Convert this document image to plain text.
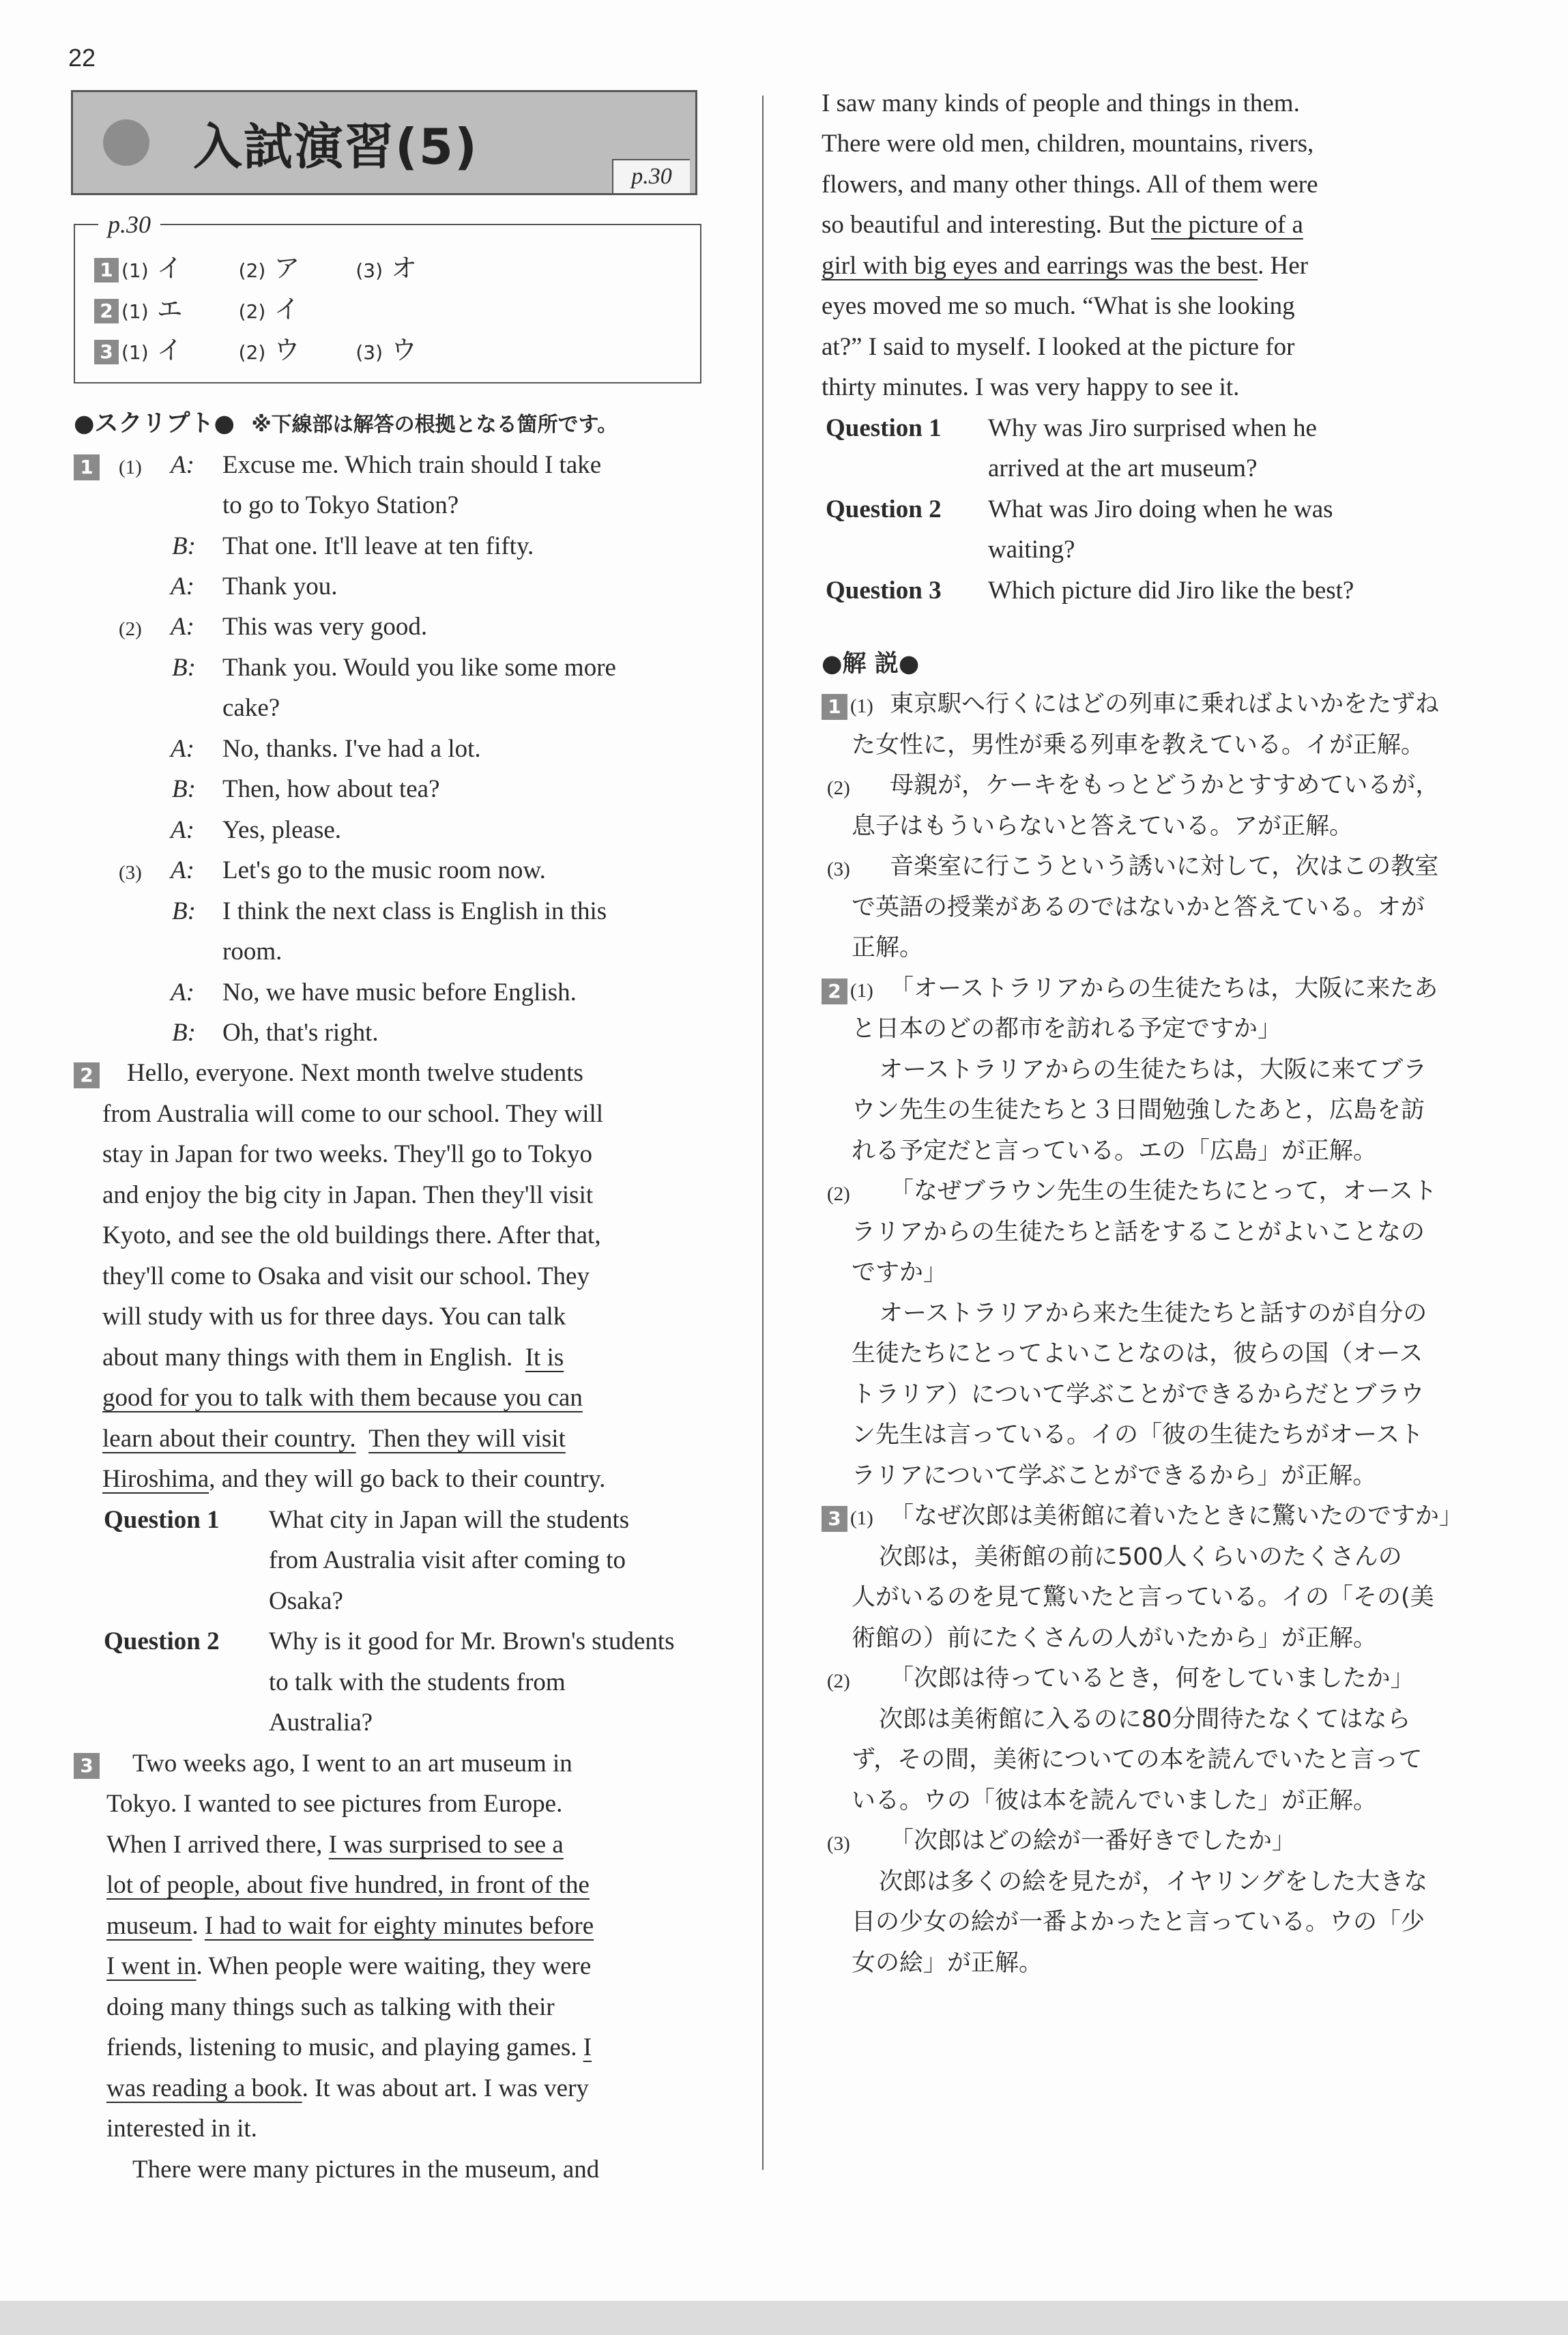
22
入試演習(5)
p.30
p.30
1 (1) イ	(2) ア	(3) オ
2 (1) エ	(2) イ
3 (1) イ	(2) ウ	(3) ウ
●スクリプト● ※下線部は解答の根拠となる箇所です。
1	(1) A: Excuse me. Which train should I take
to go to Tokyo Station?
B: That one. It'll leave at ten fifty.
A: Thank you.
(2) A: This was very good.
B: Thank you. Would you like some more
cake?
A: No, thanks. I've had a lot.
B: Then, how about tea?
A: Yes, please.
(3) A: Let's go to the music room now.
B: I think the next class is English in this
room.
A: No, we have music before English.
B: Oh, that's right.
2 Hello, everyone. Next month twelve students
from Australia will come to our school. They will
stay in Japan for two weeks. They'll go to Tokyo
and enjoy the big city in Japan. Then they'll visit
Kyoto, and see the old buildings there. After that,
they'll come to Osaka and visit our school. They
will study with us for three days. You can talk
about many things with them in English. It is
good for you to talk with them because you can
learn about their country. Then they will visit
Hiroshima, and they will go back to their country.
Question 1 What city in Japan will the students
from Australia visit after coming to
Osaka?
Question 2 Why is it good for Mr. Brown's students
to talk with the students from
Australia?
3 Two weeks ago, I went to an art museum in
Tokyo. I wanted to see pictures from Europe.
When I arrived there, I was surprised to see a
lot of people, about five hundred, in front of the
museum. I had to wait for eighty minutes before
I went in. When people were waiting, they were
doing many things such as talking with their
friends, listening to music, and playing games. I
was reading a book. It was about art. I was very
interested in it.
There were many pictures in the museum, and
I saw many kinds of people and things in them.
There were old men, children, mountains, rivers,
flowers, and many other things. All of them were
so beautiful and interesting. But the picture of a
girl with big eyes and earrings was the best. Her
eyes moved me so much. “What is she looking
at?” I said to myself. I looked at the picture for
thirty minutes. I was very happy to see it.
Question 1 Why was Jiro surprised when he
arrived at the art museum?
Question 2 What was Jiro doing when he was
waiting?
Question 3 Which picture did Jiro like the best?
●解 説●
1 (1) 東京駅へ行くにはどの列車に乗ればよいかをたずね
た女性に，男性が乗る列車を教えている。イが正解。
(2) 母親が，ケーキをもっとどうかとすすめているが，
息子はもういらないと答えている。アが正解。
(3) 音楽室に行こうという誘いに対して，次はこの教室
で英語の授業があるのではないかと答えている。オが
正解。
2 (1) 「オーストラリアからの生徒たちは，大阪に来たあ
と日本のどの都市を訪れる予定ですか」
オーストラリアからの生徒たちは，大阪に来てブラ
ウン先生の生徒たちと３日間勉強したあと，広島を訪
れる予定だと言っている。エの「広島」が正解。
(2) 「なぜブラウン先生の生徒たちにとって，オースト
ラリアからの生徒たちと話をすることがよいことなの
ですか」
オーストラリアから来た生徒たちと話すのが自分の
生徒たちにとってよいことなのは，彼らの国（オース
トラリア）について学ぶことができるからだとブラウ
ン先生は言っている。イの「彼の生徒たちがオースト
ラリアについて学ぶことができるから」が正解。
3 (1) 「なぜ次郎は美術館に着いたときに驚いたのですか」
次郎は，美術館の前に500人くらいのたくさんの
人がいるのを見て驚いたと言っている。イの「その(美
術館の）前にたくさんの人がいたから」が正解。
(2) 「次郎は待っているとき，何をしていましたか」
次郎は美術館に入るのに80分間待たなくてはなら
ず，その間，美術についての本を読んでいたと言って
いる。ウの「彼は本を読んでいました」が正解。
(3) 「次郎はどの絵が一番好きでしたか」
次郎は多くの絵を見たが，イヤリングをした大きな
目の少女の絵が一番よかったと言っている。ウの「少
女の絵」が正解。
